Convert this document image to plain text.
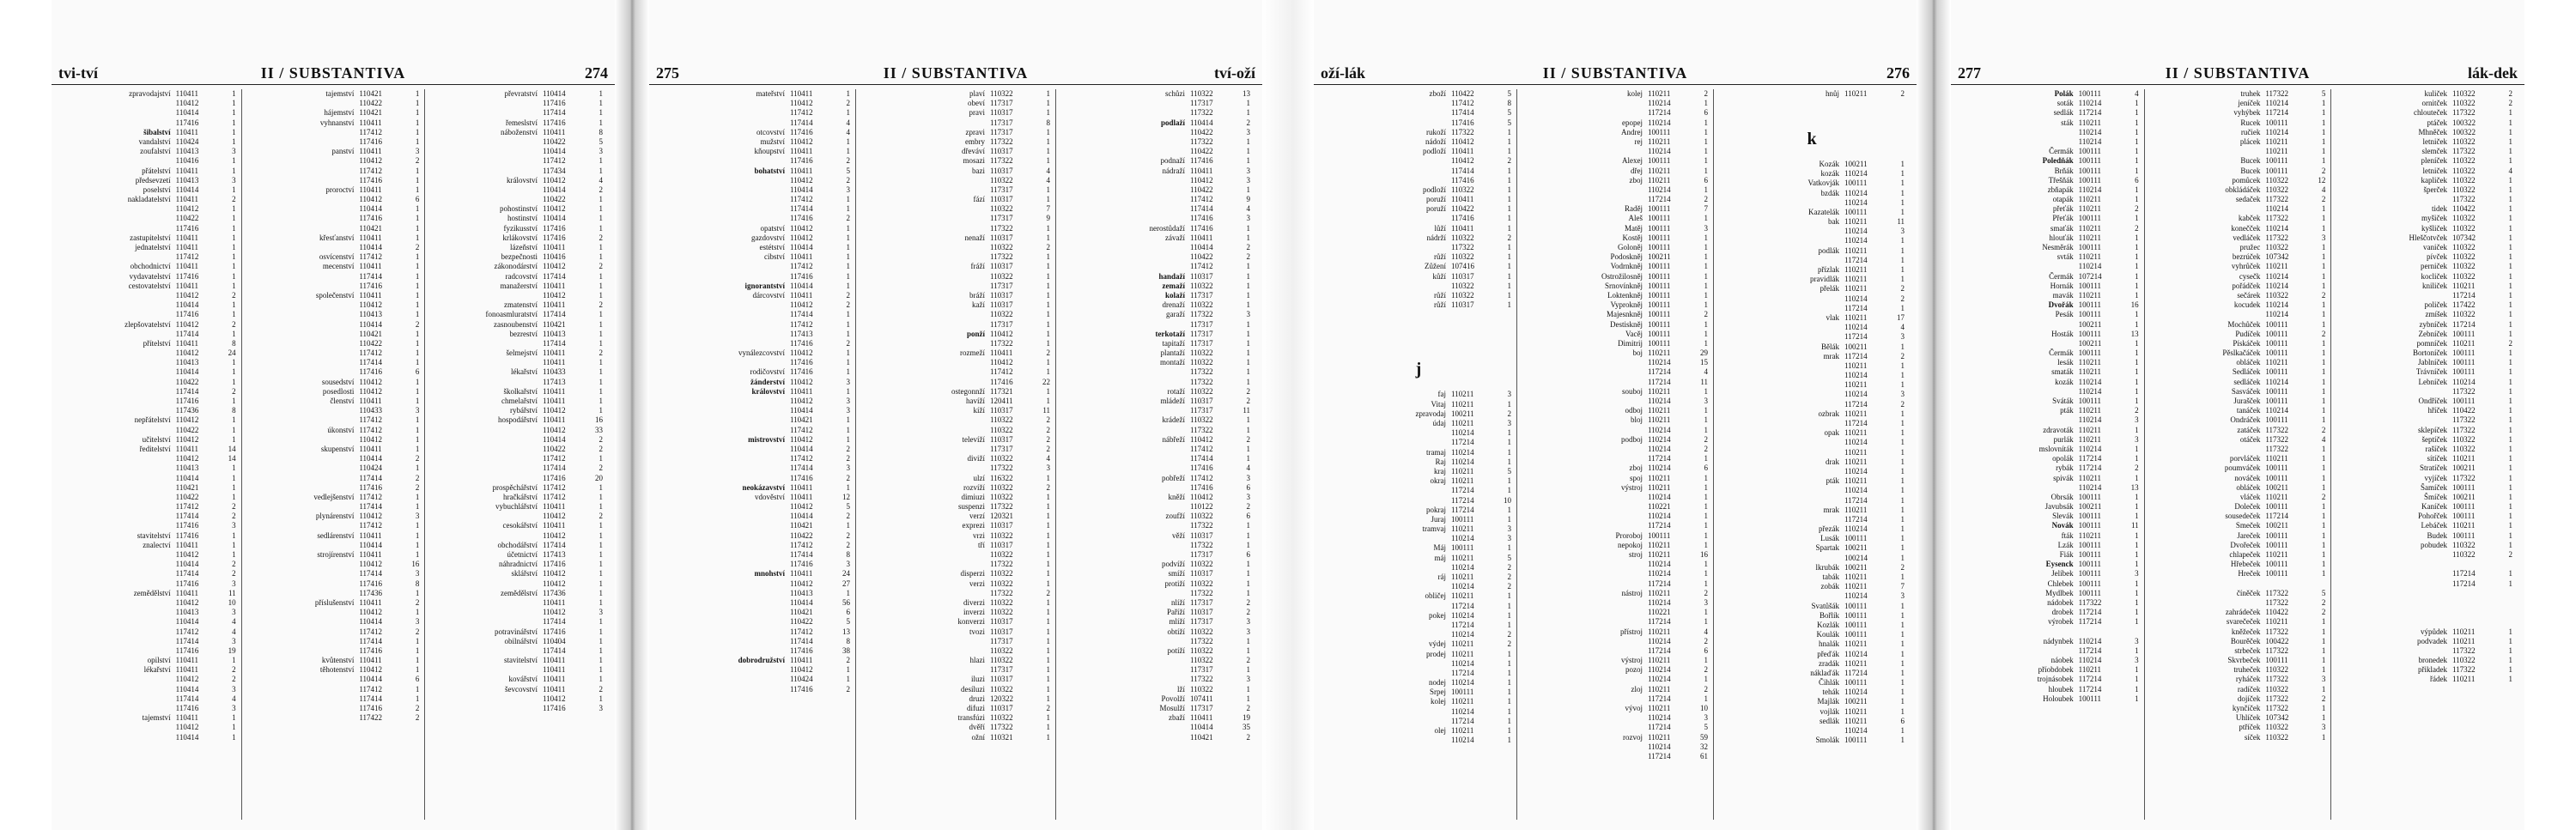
tvi-tví	II / SUBSTANTIVA	274
zpravodajství 110411	1
110412	1
110414	1
117416	1
šibalství 110411	1
vandalství 110424	1
zoufalství 110413	3
110416	1
přátelství 110411	1
předsevzetí 110413	3
poselství 110414	1
nakladatelství 110411	2
110412	1
110422	1
117416	1
zastupitelství 110411	1
jednatelství 110411	1
117412	1
obchodnictví 110411	1
vydavatelství 117416	1
cestovatelství 110411	1
110412	2
110414	1
117416	1
zlepšovatelství 110412	2
117414	1
přítelství 110411	8
110412	24
110413	1
110414	1
110422	1
117414	2
117416	1
117436	8
nepřátelství 110412	1
110422	1
učitelství 110412	1
ředitelství 110411	14
110412	14
110413	1
110414	1
110421	1
110422	1
117412	2
117414	2
117416	3
stavitelství 117416	1
znalectví 110411	1
110412	1
110414	2
117414	2
117416	3
zemědělství 110411	11
110412	10
110413	3
110414	4
117412	4
117414	3
117416	19
opilství 110411	1
lékařství 110411	2
110412	2
110414	3
117414	4
117416	3
tajemství 110411	1
110412	1
110414	1
tajemství 110421	1
110422	1
hájemství 110421	1
vyhnanství 110411	1
117412	1
117416	1
panství 110411	3
110412	2
117412	1
117416	1
proroctví 110411	1
110412	6
110414	1
117416	1
110421	1
křesťanství 110411	1
110414	2
osvícenství 117412	1
mecenství 110411	1
117414	1
117416	1
společenství 110411	1
110412	1
110413	1
110414	2
110421	1
110422	1
117412	1
117414	1
117416	6
sousedství 110412	1
posedlosti 110412	1
členství 110411	1
110433	3
117412	1
úkonství 117412	1
110412	1
skupenství 110411	1
110414	2
110424	1
117414	2
117416	2
vedlejšenství 117412	1
117414	1
plynárenství 110412	3
117412	1
sedlárenství 110411	1
110414	1
strojírenství 110411	1
110412	16
117414	3
117416	8
117436	1
příslušenství 110411	2
110412	1
110414	3
117412	2
117414	1
117416	1
kvůtenství 110411	1
těhotenství 110412	1
110414	6
117412	1
117414	1
117416	2
117422	2
převratství 110414	1
117416	1
117414	1
řemeslství 117416	1
náboženství 110411	8
110422	5
110414	3
117412	1
117434	1
království 110412	4
110414	2
110422	1
pohostinství 110412	1
hostinství 110414	1
fyzikusství 117416	1
krlákovství 117416	2
lázeňství 110411	1
bezpečnosti 110416	1
zákonodárství 110412	2
radcovství 117414	1
manažerství 110411	1
110412	1
zmatenství 110411	2
fonoasmluratství 117414	1
zasnoubenství 110421	1
bezreství 110413	1
117414	1
šelmejství 110411	2
110411	1
lékařství 110433	1
117413	1
školkařství 110411	1
chmelařství 110411	1
rybářství 110412	1
hospodářství 110411	16
110412	33
110414	2
110422	2
117412	1
117414	2
117416	20
prospěchářství 117412	1
hračkářství 117412	1
vybuchlářství 110411	1
110412	2
cesokářství 110411	1
110412	1
obchodářství 117414	1
účetnictví 117413	1
náhradnictví 117416	1
sklářství 110412	1
110412	1
zemědělství 117436	1
110411	1
110412	3
117414	1
potravinářství 117416	1
obilnářství 110404	1
117414	1
stavitelství 110411	1
110411	1
kovářství 110411	1
ševcovství 110411	2
110412	1
117416	3
275	II / SUBSTANTIVA	tví-oží
mateřství 110411	1
110412	2
117412	1
117414	4
otcovství 117416	4
mužství 110412	1
kňoupství 110411	1
117416	2
bohatství 110411	5
110412	2
110414	3
117412	1
117414	1
117416	2
opatství 110412	1
gazdovství 110412	1
estétství 110414	1
cibství 110411	1
117412	1
117416	1
ignorantství 110414	1
dárcovství 110411	2
110412	2
117414	1
117412	1
117413	1
117416	2
vynálezcovství 110412	1
117416	1
rodičovství 117416	1
žánderství 110412	3
království 110411	1
110412	3
110414	3
110421	1
117412	1
mistrovství 110412	1
110414	2
117412	2
117414	3
117416	2
neokázavství 110411	1
vdověství 110411	12
110412	5
110414	2
110421	1
110422	2
117412	2
117414	8
117416	3
mnohství 110411	24
110412	27
110413	1
110414	56
110421	6
110422	5
117412	13
117414	8
117416	38
dobrodružství 110411	2
110412	1
110424	1
117416	2
plaví 110322	1
obeví 117317	1
pravi 110317	1
117317	8
zpravi 117317	1
embry 117322	1
dřeváví 110317	1
mosazi 117322	1
bazi 110317	4
110322	4
117317	1
fází 110317	1
110322	7
117317	9
117322	1
nenaží 110317	1
110322	2
117322	1
fráží 110317	1
110322	1
117317	1
bráží 110317	1
kaží 110317	1
110322	1
117317	1
ponží 110412	1
117322	1
rozmeží 110411	2
110412	1
117412	1
117416	22
ostegonnží 117321	1
havíží 120411	1
kíží 110317	11
110322	2
110322	2
televíží 110317	2
117317	2
diviží 110322	4
117322	3
ulzí 116322	1
rozvíží 110322	2
dimiuzi 110322	1
suspenzi 117322	1
verzí 120321	1
exprezi 110317	1
vrzi 110322	1
tří 110317	1
110322	1
117322	1
disperzi 110322	1
verzi 110322	1
117322	2
diverzi 110322	1
inverzi 110322	1
konverzi 110317	1
tvozi 110317	1
117317	1
110322	1
hlazi 110322	1
117317	1
iluzi 110317	1
desíluzi 110322	1
druzi 120322	1
difuzi 110317	2
transfúzi 110322	1
dvěří 117322	1
ožní 110321	1
schůzi 110322	13
117317	1
117322	1
podlaží 110414	2
110422	3
117322	1
110422	1
podnaží 117416	1
nádraží 110411	3
110412	3
110422	1
117412	9
117414	4
117416	3
nerostůdaží 117416	1
závaží 110411	1
110414	2
110422	2
117412	1
handaží 110317	1
zemaží 110322	1
kolaží 117317	1
drenaží 110322	1
garaží 117322	3
117317	1
terkotaží 117317	1
tapitaží 117317	1
plantaží 110322	1
montaží 110322	1
117322	1
117322	1
rotaží 110322	2
mládeží 110317	2
117317	11
krádeží 110322	1
117322	1
nábřeží 110412	2
117412	1
117414	1
117416	4
pobřeží 117412	3
117416	6
kněží 110412	3
110122	2
zoufží 110322	6
117322	1
věží 110317	1
117322	1
117317	6
podvíží 110322	1
smíží 110317	1
protiží 110322	1
117322	1
nlíží 117317	2
Paříží 110317	2
mlíží 117317	3
obtíží 110322	3
117322	1
potíží 110322	1
110322	2
117317	1
117322	3
lží 110322	1
Povolží 107411	1
Mosulží 117317	2
zbaží 110411	19
110414	35
110421	2
oží-lák	II / SUBSTANTIVA	276
zboží 110422	5
117412	8
117414	5
117416	5
rukoží 117322	1
nádoží 110412	1
podloží 110411	1
110412	2
117414	1
117416	1
podloží 110322	1
poruží 110411	1
poruží 110422	1
117416	1
lůží 110411	1
nádrží 110322	2
117322	1
růží 110322	1
Zůžení 107416	1
kůží 110317	1
110322	1
růží 110322	1
růží 110317	1
j
faj 110211	3
Vitaj 110211	1
zpravodaj 100211	2
údaj 110211	3
110214	1
117214	1
tramaj 110214	1
Raj 110214	1
kraj 110211	5
okraj 110211	1
117214	1
117214	10
pokraj 117214	1
Juraj 100111	1
tramvaj 110211	3
110214	3
Máj 100111	1
máj 110211	5
110214	2
ráj 110211	2
110214	2
obličej 110211	1
117214	1
pokej 110214	1
117214	1
110214	2
výdej 110211	2
prodej 110211	1
110214	1
117214	1
nodej 110214	1
Srpej 100111	1
kolej 110211	1
110214	1
117214	1
olej 110211	1
110214	1
kolej 110211	2
110214	1
117214	6
epopej 110214	1
Andrej 100111	1
rej 110211	1
110214	1
Alexej 100111	1
dřej 110211	1
zboj 110211	6
110214	1
117214	2
Raděj 100111	7
Aleš 100111	1
Matěj 100111	3
Kostěj 100111	1
Goloněj 100111	1
Podoskněj 100211	1
Vodrnkněj 100111	1
Ostrožilosněj 100111	1
Srnovínkněj 100111	1
Loktenkněj 100111	1
Vyprokněj 100111	1
Majesnkněj 100111	2
Destiskněj 100111	1
Vacěj 100111	1
Dimitrij 100111	1
boj 110211	29
110214	15
117214	4
117214	11
souboj 110211	1
110214	3
odboj 110211	1
bloj 110211	1
110214	1
podboj 110214	2
110214	2
117214	1
zboj 110214	6
spoj 110211	1
výstroj 110211	1
110214	1
110221	1
110214	1
117214	1
Proroboj 100111	1
nepokoj 110211	1
stroj 110211	16
110214	1
110214	1
117214	1
nástroj 110211	2
110214	3
110221	1
117214	1
přístroj 110211	4
110214	2
117214	6
výstroj 110211	1
pozoj 110214	2
110214	1
zloj 110211	2
117214	1
vývoj 110211	10
110214	3
117214	5
rozvoj 110211	59
110214	32
117214	61
hnůj 110211	2
k
Kozák 100211	1
kozák 110214	1
Vatkovják 100111	1
bzdák 110214	1
110214	1
Kazatelák 100111	1
bak 110211	11
110214	3
110214	1
podlák 110211	1
117214	1
přízlak 110211	1
pravidlák 110211	1
přelák 110211	2
110214	2
117214	1
vlak 110211	17
110214	4
117214	3
Bělák 100211	1
mrak 117214	2
110211	1
110214	1
110211	1
110214	3
117214	2
ozbrak 110211	1
117214	1
opak 110211	1
110214	1
110211	1
drak 110211	1
110214	1
pták 110211	1
110214	1
117214	1
mrak 110211	1
117214	1
přezák 110214	1
Lusák 100111	1
Spartak 100211	1
100214	1
lkrubák 100211	2
tabák 110211	1
zobák 110211	7
110214	3
Svatůšák 100111	1
Bořlík 100111	1
Kozlák 100111	1
Koulák 100111	1
hnalák 110211	1
přeďák 110214	1
zradák 110211	1
náklaďák 117214	1
Čihlák 100111	1
tehák 110214	1
Majlák 100211	1
vojlák 110211	1
sedlák 110211	6
110214	1
Smolák 100111	1
277	II / SUBSTANTIVA	lák-dek
Polák 100111	4
soták 110214	1
sedlák 117214	1
sták 110211	1
110214	1
110214	1
Čermák 100111	1
Poledňák 100111	1
Brňák 100111	1
Třešňák 100111	6
zbňapák 110214	1
otapák 110211	1
přeťák 110211	2
Přeťák 100111	1
smaťák 110211	2
hlouťák 110211	1
Nesměrák 100111	1
svták 110211	1
110214	1
Čermák 107214	1
Hornák 100111	1
mavák 110211	1
Dvořák 100111	16
Pesák 100111	1
100211	1
Hosták 100111	13
100211	1
Čermák 100111	1
lesák 110211	1
smaták 110211	1
kozák 110214	1
110214	1
Sváták 100111	1
pták 110211	2
110214	3
zdravoták 110211	1
purlák 110211	3
mslovníták 110214	1
opolák 117214	1
rybák 117214	2
spivák 110211	1
110214	13
Obrsák 100111	1
Javubsák 100211	1
Slevák 100111	1
Novák 100111	11
fták 110211	1
Lzák 100111	1
Fiák 100111	1
Eysenck 100111	1
Jelíbek 100111	3
Chlebek 100111	1
Mydlbek 100111	1
nádobek 117322	1
drobek 117214	1
výrobek 117214	1
nádynbek 110214	3
117214	1
náobek 110214	3
příobdobek 110211	1
trojnásobek 117214	1
hloubek 117214	1
Holoubek 100111	1
truhek 117322	5
jeníček 110214	1
vyhýbek 117214	1
Rucek 100111	1
ručiek 110214	1
plácek 110211	1
110211	1
Bucek 100111	1
Bucek 100111	2
pomůcek 110322	12
obkládáček 110322	4
sedaček 117322	2
110214	1
kabček 117322	1
konečček 110214	1
vedláček 117322	3
pružec 110322	1
bezrúček 107342	1
vyhrůček 110211	1
cysečk 110214	1
pořádček 110214	1
sečárek 110322	2
kocudek 110214	1
110214	1
Mochůček 100111	1
Pudíček 100111	2
Pískáček 100111	1
Pěslkačáček 100111	1
obláček 110211	1
Sedláček 100111	1
sedláček 110214	1
Sasváček 100111	1
Jurašček 100111	1
tanáček 110214	1
Ondráček 100111	1
zatáček 117322	2
otáček 117322	4
117322	1
porvláček 110211	1
poumváček 100111	1
nováček 100111	1
obláček 100211	1
vláček 110211	2
Doleček 100111	1
sousedeček 117214	1
Smeček 100211	1
Jareček 100111	1
Dvořeček 100111	1
chlapeček 110211	1
Hřebeček 100111	1
Hreček 100111	1
číněček 117322	5
117322	2
zahrádeček 110422	2
svarečeček 110211	1
kněžeček 117322	1
Bourěček 100422	1
strbeček 117322	1
Skvrbeček 100111	1
truheček 110322	1
ryháček 117322	3
radíček 110322	1
dojíček 117322	2
kynčíček 117322	1
Uhlíček 107342	1
ptříček 110322	3
síček 110322	1
kuliček 110322	2
ornitček 110322	2
chlouteček 117322	1
ptáček 100322	1
Mhněček 100322	1
letniček 110322	1
slemček 117322	1
pleníček 110322	1
letniček 110322	4
kapliček 110322	1
šperček 110322	1
117322	1
tidek 110422	1
myšiček 110322	1
kyšliček 110322	1
Hleščotvček 107342	1
vaniček 110322	1
pívček 110322	1
perniček 110322	1
kocliček 110322	1
kniliček 110211	1
117214	1
poliček 117422	1
zmíšek 110322	1
zybníček 117214	1
Zebníček 100111	1
pomníček 110211	2
Bortoníček 100111	1
Jablníček 100111	1
Trávníček 100111	1
Lebníček 110214	1
117322	1
Ondříček 100111	1
hříček 110422	1
117322	1
sklepíček 117322	1
šeptíček 110322	1
rašíček 110322	1
sítíček 110211	1
Stratíček 100211	1
vyjíček 117322	1
Šamíček 100111	1
Šmíček 100211	1
Kaníček 100111	1
Pohořček 100111	1
Lebáček 110211	1
Budek 100111	1
pobudek 110322	1
110322	2
117214	1
117214	1
výpůdek 110211	1
podvadek 110211	1
117322	1
bronedek 110322	1
přikladek 117322	1
řádek 110211	1
